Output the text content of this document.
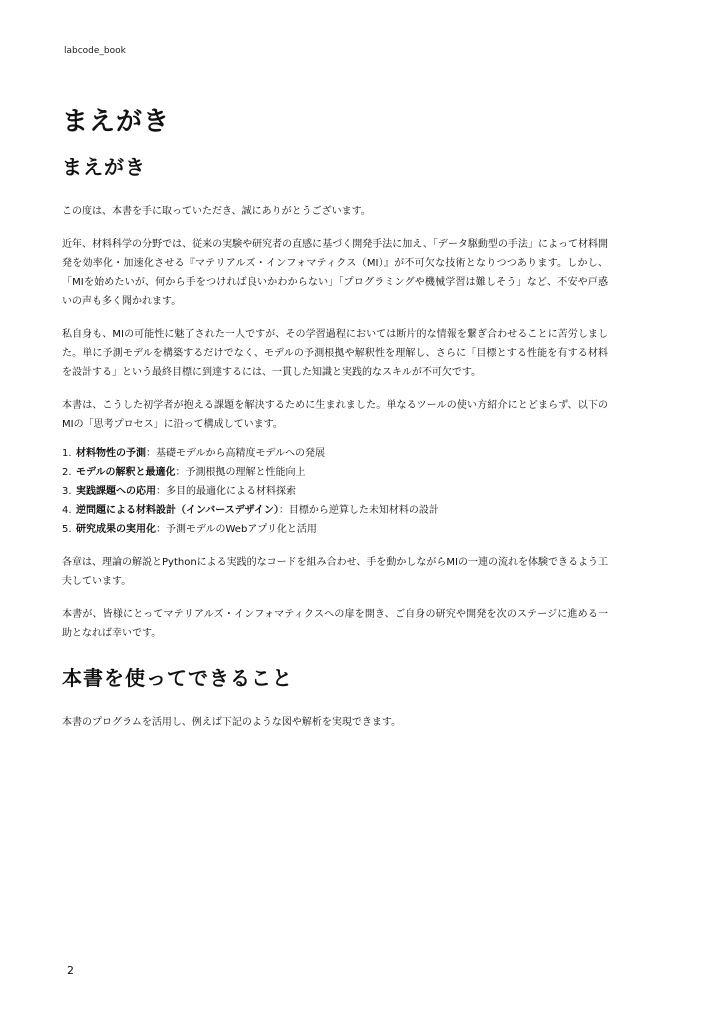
labcode_book
まえがき
まえがき

この度は、本書を手に取っていただき、誠にありがとうございます。

近年、材料科学の分野では、従来の実験や研究者の直感に基づく開発手法に加え、「データ駆動型の手法」によって材料開発を効率化・加速化させる『マテリアルズ・インフォマティクス（MI）』が不可欠な技術となりつつあります。しかし、「MIを始めたいが、何から手をつければ良いかわからない」「プログラミングや機械学習は難しそう」など、不安や戸惑いの声も多く聞かれます。

私自身も、MIの可能性に魅了された一人ですが、その学習過程においては断片的な情報を繋ぎ合わせることに苦労しました。単に予測モデルを構築するだけでなく、モデルの予測根拠や解釈性を理解し、さらに「目標とする性能を有する材料を設計する」という最終目標に到達するには、一貫した知識と実践的なスキルが不可欠です。

本書は、こうした初学者が抱える課題を解決するために生まれました。単なるツールの使い方紹介にとどまらず、以下のMIの「思考プロセス」に沿って構成しています。

1. 材料物性の予測：基礎モデルから高精度モデルへの発展
2. モデルの解釈と最適化：予測根拠の理解と性能向上
3. 実践課題への応用：多目的最適化による材料探索
4. 逆問題による材料設計（インバースデザイン）：目標から逆算した未知材料の設計
5. 研究成果の実用化：予測モデルのWebアプリ化と活用

各章は、理論の解説とPythonによる実践的なコードを組み合わせ、手を動かしながらMIの一連の流れを体験できるよう工夫しています。

本書が、皆様にとってマテリアルズ・インフォマティクスへの扉を開き、ご自身の研究や開発を次のステージに進める一助となれば幸いです。

本書を使ってできること

本書のプログラムを活用し、例えば下記のような図や解析を実現できます。

2
